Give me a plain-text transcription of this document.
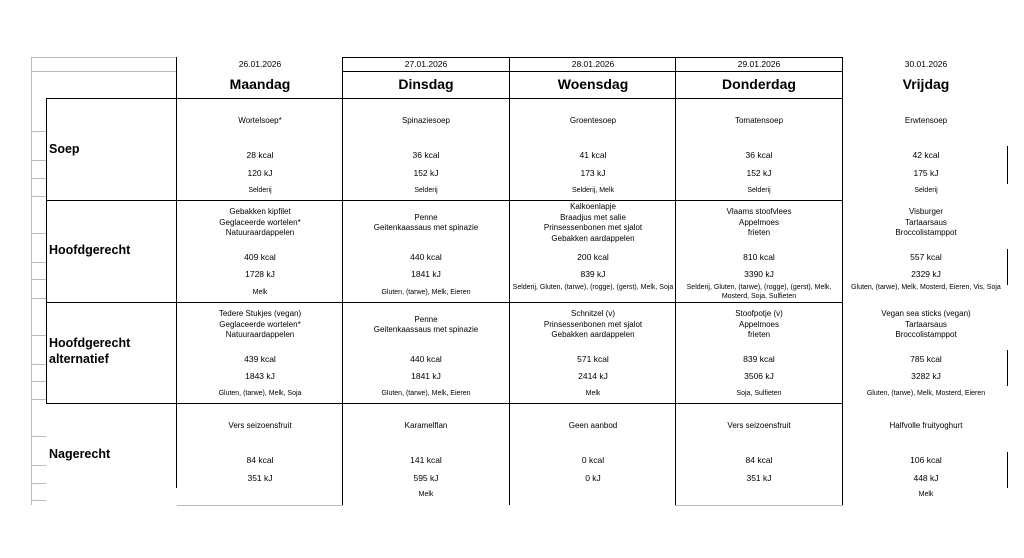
26.01.2026
Maandag
27.01.2026
Dinsdag
28.01.2026
Woensdag
29.01.2026
Donderdag
30.01.2026
Vrijdag
Soep
Hoofdgerecht
Hoofdgerecht
alternatief
Nagerecht
Wortelsoep*
28 kcal
120 kJ
Selderij
Spinaziesoep
36 kcal
152 kJ
Selderij
Groentesoep
41 kcal
173 kJ
Selderij, Melk
Tomatensoep
36 kcal
152 kJ
Selderij
Erwtensoep
42 kcal
175 kJ
Selderij
Gebakken kipfilet
Geglaceerde wortelen*
Natuuraardappelen
409 kcal
1728 kJ
Melk
Penne
Geitenkaassaus met spinazie
440 kcal
1841 kJ
Gluten, (tarwe), Melk, Eieren
Kalkoenlapje
Braadjus met salie
Prinsessenbonen met sjalot
Gebakken aardappelen
200 kcal
839 kJ
Selderij, Gluten, (tarwe), (rogge), (gerst), Melk, Soja
Vlaams stoofvlees
Appelmoes
frieten
810 kcal
3390 kJ
Selderij, Gluten, (tarwe), (rogge), (gerst), Melk, Mosterd, Soja, Sulfieten
Visburger
Tartaarsaus
Broccolistamppot
557 kcal
2329 kJ
Gluten, (tarwe), Melk, Mosterd, Eieren, Vis, Soja
Tedere Stukjes (vegan)
Geglaceerde wortelen*
Natuuraardappelen
439 kcal
1843 kJ
Gluten, (tarwe), Melk, Soja
Penne
Geitenkaassaus met spinazie
440 kcal
1841 kJ
Gluten, (tarwe), Melk, Eieren
Schnitzel (v)
Prinsessenbonen met sjalot
Gebakken aardappelen
571 kcal
2414 kJ
Melk
Stoofpotje (v)
Appelmoes
frieten
839 kcal
3506 kJ
Soja, Sulfieten
Vegan sea sticks (vegan)
Tartaarsaus
Broccolistamppot
785 kcal
3282 kJ
Gluten, (tarwe), Melk, Mosterd, Eieren
Vers seizoensfruit
84 kcal
351 kJ
Karamelflan
141 kcal
595 kJ
Melk
Geen aanbod
0 kcal
0 kJ
Vers seizoensfruit
84 kcal
351 kJ
Halfvolle fruityoghurt
106 kcal
448 kJ
Melk
